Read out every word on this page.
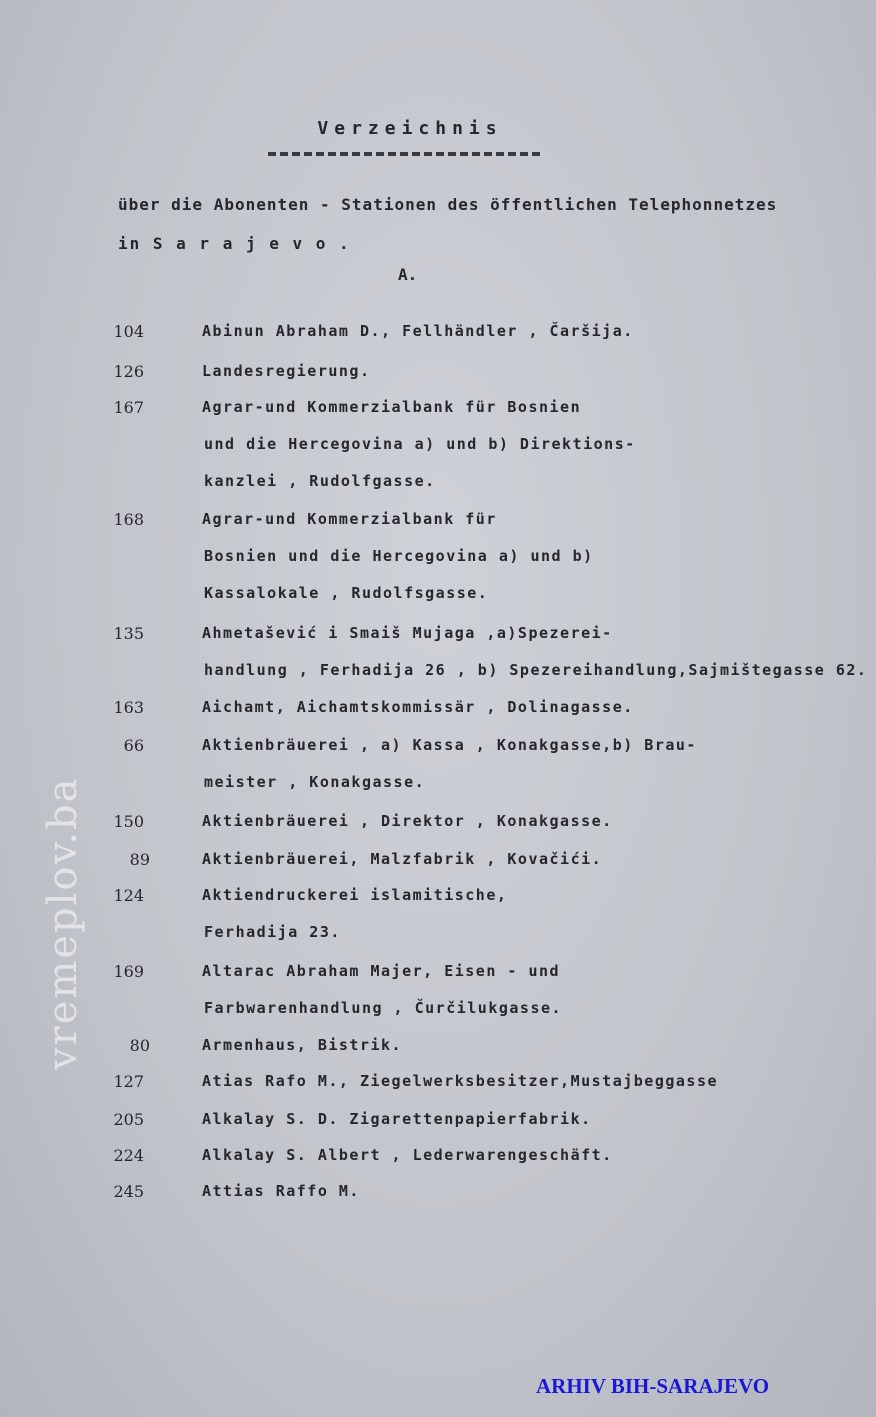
Verzeichnis
über die Abonenten - Stationen des öffentlichen Telephonnetzes
in S a r a j e v o .
A.
104	Abinun Abraham D., Fellhändler , Čaršija.
126	Landesregierung.
167	Agrar-und Kommerzialbank für Bosnien
und die Hercegovina a) und b) Direktions-
kanzlei , Rudolfgasse.
168	Agrar-und Kommerzialbank für
Bosnien und die Hercegovina a) und b)
Kassalokale , Rudolfsgasse.
135	Ahmetašević i Smaiš Mujaga ,a)Spezerei-
handlung , Ferhadija 26 , b) Spezereihandlung,Sajmištegasse 62.
163	Aichamt, Aichamtskommissär , Dolinagasse.
66	Aktienbräuerei , a) Kassa , Konakgasse,b) Brau-
meister , Konakgasse.
150	Aktienbräuerei , Direktor , Konakgasse.
89	Aktienbräuerei, Malzfabrik , Kovačići.
124	Aktiendruckerei islamitische,
Ferhadija 23.
169	Altarac Abraham Majer, Eisen - und
Farbwarenhandlung , Čurčilukgasse.
80	Armenhaus, Bistrik.
127	Atias Rafo M., Ziegelwerksbesitzer,Mustajbeggasse
205	Alkalay S. D. Zigarettenpapierfabrik.
224	Alkalay S. Albert , Lederwarengeschäft.
245	Attias Raffo M.
vremeplov.ba
ARHIV BIH-SARAJEVO
